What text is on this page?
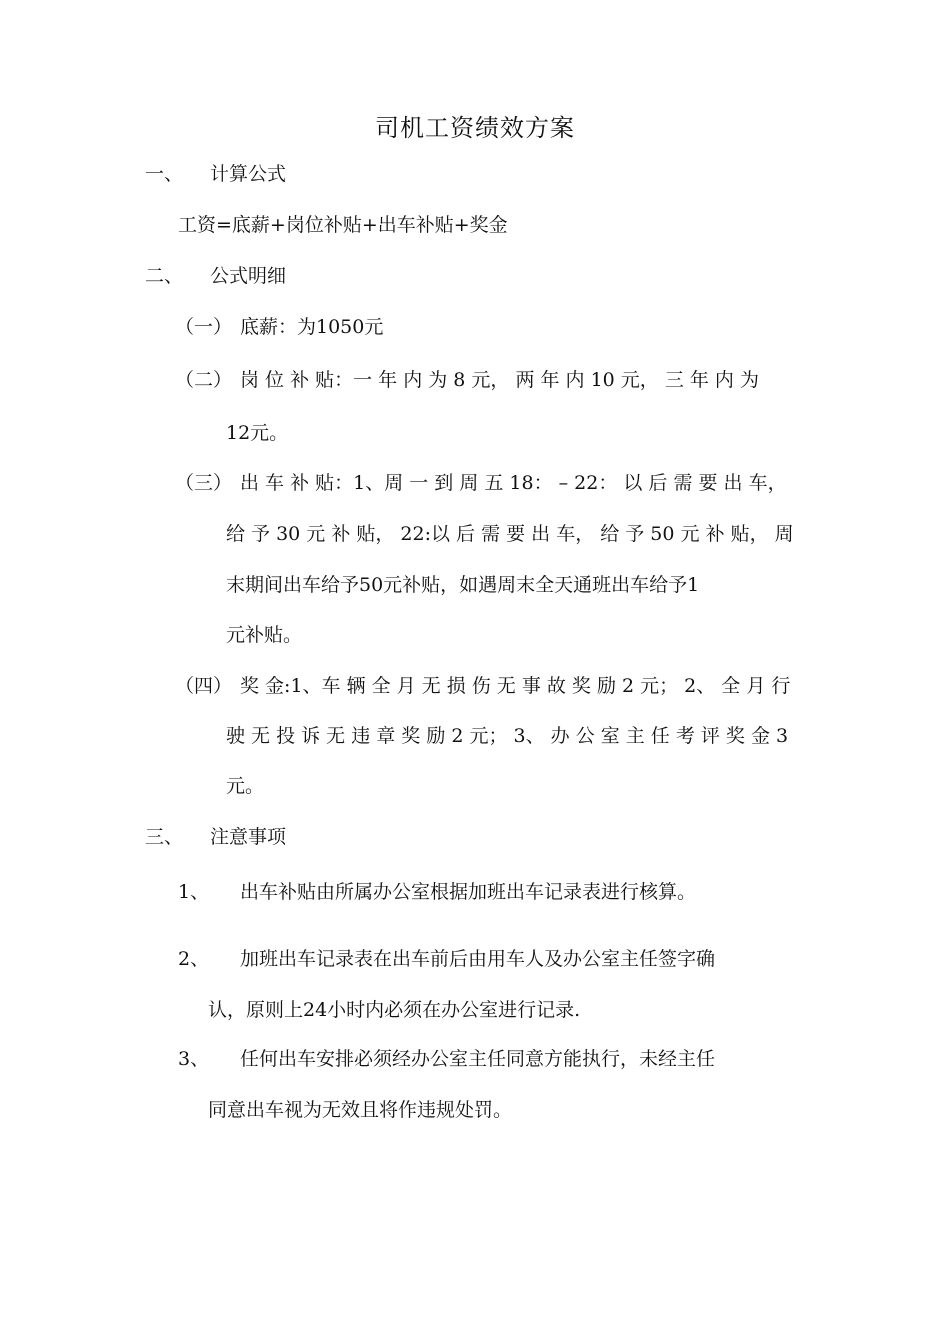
司机工资绩效方案
一、 计算公式
工资=底薪+岗位补贴+出车补贴+奖金
二、 公式明细
（一） 底薪：为1050元
（二） 岗 位 补 贴：一 年 内 为 8 元， 两 年 内 10 元， 三 年 内 为
12元。
（三） 出 车 补 贴：1、周 一 到 周 五 18： – 22： 以 后 需 要 出 车，
给 予 30 元 补 贴， 22:以 后 需 要 出 车， 给 予 50 元 补 贴， 周
末期间出车给予50元补贴，如遇周末全天通班出车给予1
元补贴。
（四） 奖 金:1、车 辆 全 月 无 损 伤 无 事 故 奖 励 2 元； 2、 全 月 行
驶 无 投 诉 无 违 章 奖 励 2 元； 3、 办 公 室 主 任 考 评 奖 金 3
元。
三、 注意事项
1、 出车补贴由所属办公室根据加班出车记录表进行核算。
2、 加班出车记录表在出车前后由用车人及办公室主任签字确
认，原则上24小时内必须在办公室进行记录.
3、 任何出车安排必须经办公室主任同意方能执行，未经主任
同意出车视为无效且将作违规处罚。
